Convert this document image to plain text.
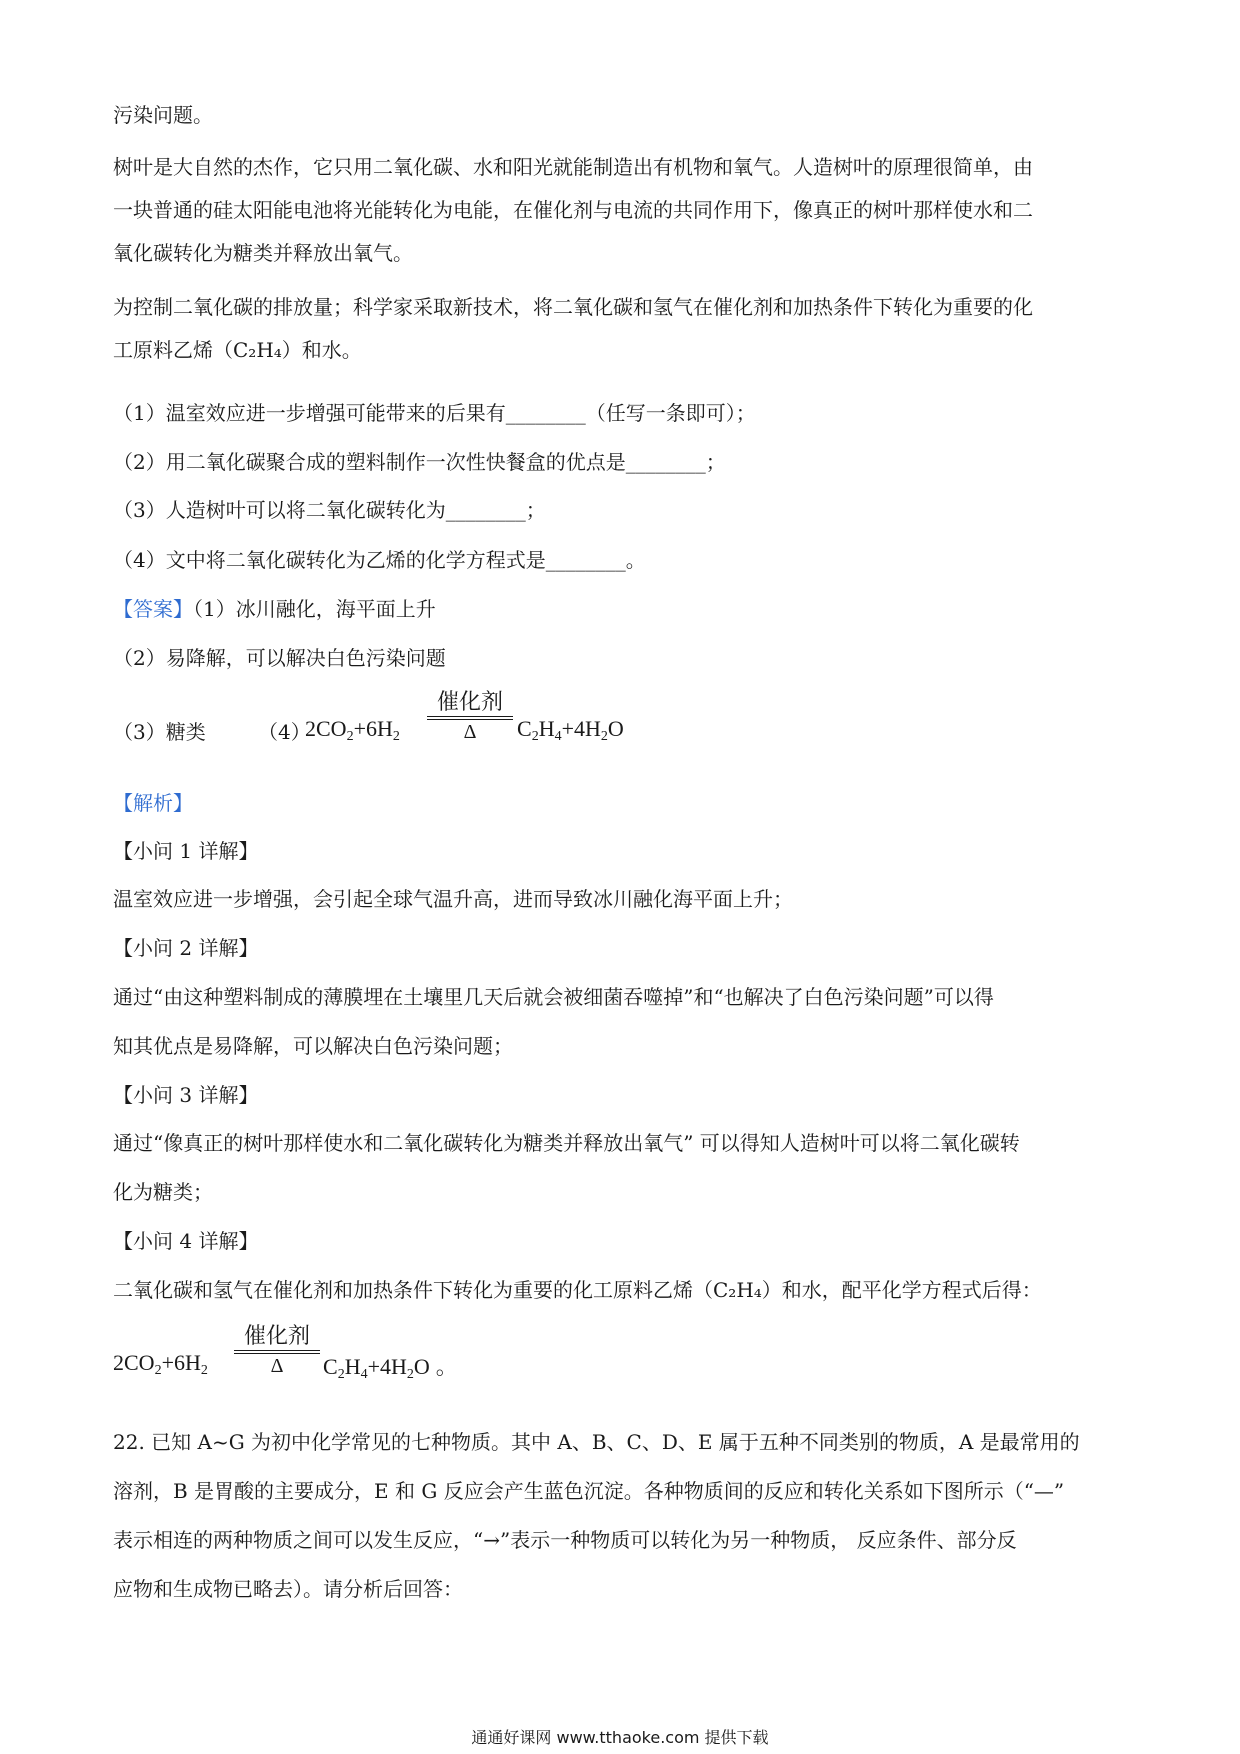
污染问题。
树叶是大自然的杰作，它只用二氧化碳、水和阳光就能制造出有机物和氧气。人造树叶的原理很简单，由
一块普通的硅太阳能电池将光能转化为电能，在催化剂与电流的共同作用下，像真正的树叶那样使水和二
氧化碳转化为糖类并释放出氧气。
为控制二氧化碳的排放量；科学家采取新技术，将二氧化碳和氢气在催化剂和加热条件下转化为重要的化
工原料乙烯（C₂H₄）和水。
（1）温室效应进一步增强可能带来的后果有________（任写一条即可）；
（2）用二氧化碳聚合成的塑料制作一次性快餐盒的优点是________；
（3）人造树叶可以将二氧化碳转化为________；
（4）文中将二氧化碳转化为乙烯的化学方程式是________。
【答案】（1）冰川融化，海平面上升
（2）易降解，可以解决白色污染问题
（3）糖类	（4）
$2CO_2+6H_2$
催化剂
Δ	$C_2H_4+4H_2O$
【解析】
【小问 1 详解】
温室效应进一步增强，会引起全球气温升高，进而导致冰川融化海平面上升；
【小问 2 详解】
通过“由这种塑料制成的薄膜埋在土壤里几天后就会被细菌吞噬掉”和“也解决了白色污染问题”可以得
知其优点是易降解，可以解决白色污染问题；
【小问 3 详解】
通过“像真正的树叶那样使水和二氧化碳转化为糖类并释放出氧气” 可以得知人造树叶可以将二氧化碳转
化为糖类；
【小问 4 详解】
二氧化碳和氢气在催化剂和加热条件下转化为重要的化工原料乙烯（C₂H₄）和水，配平化学方程式后得：
$2CO_2+6H_2$
催化剂
Δ	$C_2H_4+4H_2O$ 。
22. 已知 A~G 为初中化学常见的七种物质。其中 A、B、C、D、E 属于五种不同类别的物质，A 是最常用的
溶剂，B 是胃酸的主要成分，E 和 G 反应会产生蓝色沉淀。各种物质间的反应和转化关系如下图所示（“—”
表示相连的两种物质之间可以发生反应，“→”表示一种物质可以转化为另一种物质， 反应条件、部分反
应物和生成物已略去）。请分析后回答：
通通好课网 www.tthaoke.com 提供下载
